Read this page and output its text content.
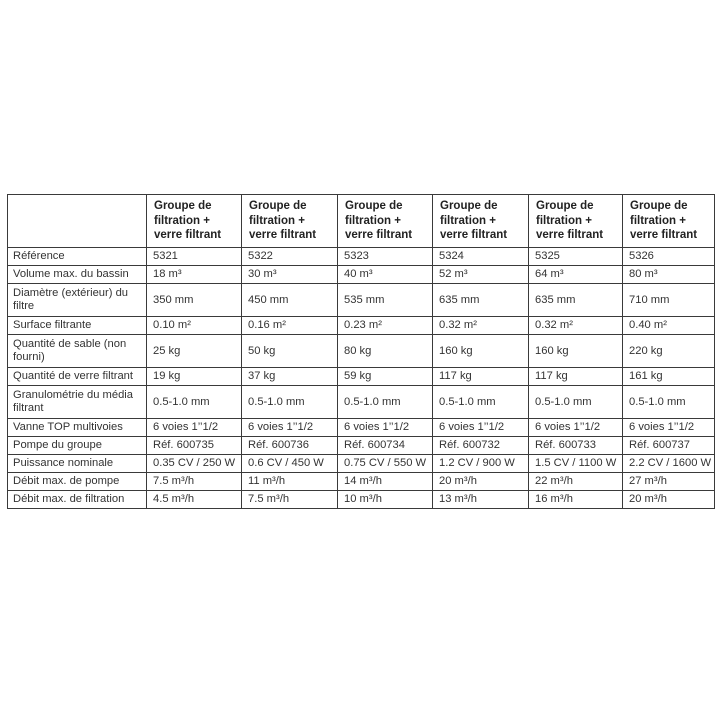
	Groupe de filtration + verre filtrant	Groupe de filtration + verre filtrant	Groupe de filtration + verre filtrant	Groupe de filtration + verre filtrant	Groupe de filtration + verre filtrant	Groupe de filtration + verre filtrant
Référence	5321	5322	5323	5324	5325	5326
Volume max. du bassin	18 m³	30 m³	40 m³	52 m³	64 m³	80 m³
Diamètre (extérieur) du filtre	350 mm	450 mm	535 mm	635 mm	635 mm	710 mm
Surface filtrante	0.10 m²	0.16 m²	0.23 m²	0.32 m²	0.32 m²	0.40 m²
Quantité de sable (non fourni)	25 kg	50 kg	80 kg	160 kg	160 kg	220 kg
Quantité de verre filtrant	19 kg	37 kg	59 kg	117 kg	117 kg	161 kg
Granulométrie du média filtrant	0.5-1.0 mm	0.5-1.0 mm	0.5-1.0 mm	0.5-1.0 mm	0.5-1.0 mm	0.5-1.0 mm
Vanne TOP multivoies	6 voies 1’’1/2	6 voies 1’’1/2	6 voies 1’’1/2	6 voies 1’’1/2	6 voies 1’’1/2	6 voies 1’’1/2
Pompe du groupe	Réf. 600735	Réf. 600736	Réf. 600734	Réf. 600732	Réf. 600733	Réf. 600737
Puissance nominale	0.35 CV / 250 W	0.6 CV / 450 W	0.75 CV / 550 W	1.2 CV / 900 W	1.5 CV / 1100 W	2.2 CV / 1600 W
Débit max. de pompe	7.5 m³/h	11 m³/h	14 m³/h	20 m³/h	22 m³/h	27 m³/h
Débit max. de filtration	4.5 m³/h	7.5 m³/h	10 m³/h	13 m³/h	16 m³/h	20 m³/h
